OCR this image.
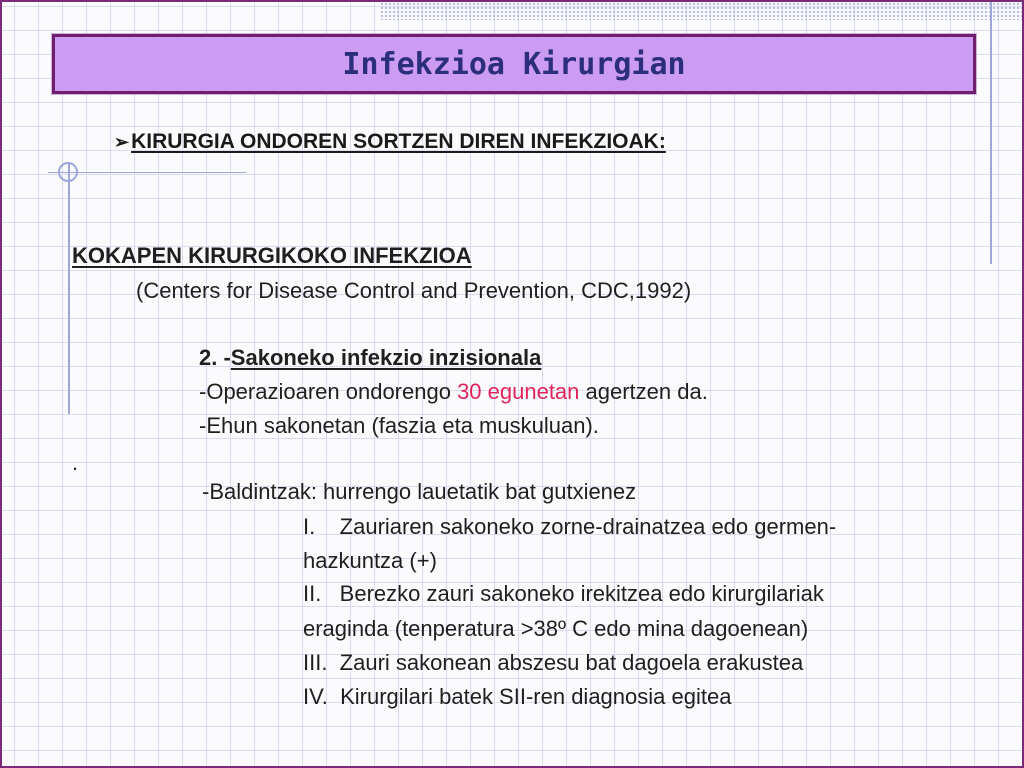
Infekzioa Kirurgian
➢KIRURGIA ONDOREN SORTZEN DIREN INFEKZIOAK:
KOKAPEN KIRURGIKOKO INFEKZIOA
(Centers for Disease Control and Prevention, CDC,1992)
2. -Sakoneko infekzio inzisionala
-Operazioaren ondorengo 30 egunetan agertzen da.
-Ehun sakonetan (faszia eta muskuluan).
.
-Baldintzak: hurrengo lauetatik bat gutxienez
I.    Zauriaren sakoneko zorne-drainatzea edo germen-
hazkuntza (+)
II.   Berezko zauri sakoneko irekitzea edo kirurgilariak
eraginda (tenperatura >38º C edo mina dagoenean)
III.  Zauri sakonean abszesu bat dagoela erakustea
IV.  Kirurgilari batek SII-ren diagnosia egitea
